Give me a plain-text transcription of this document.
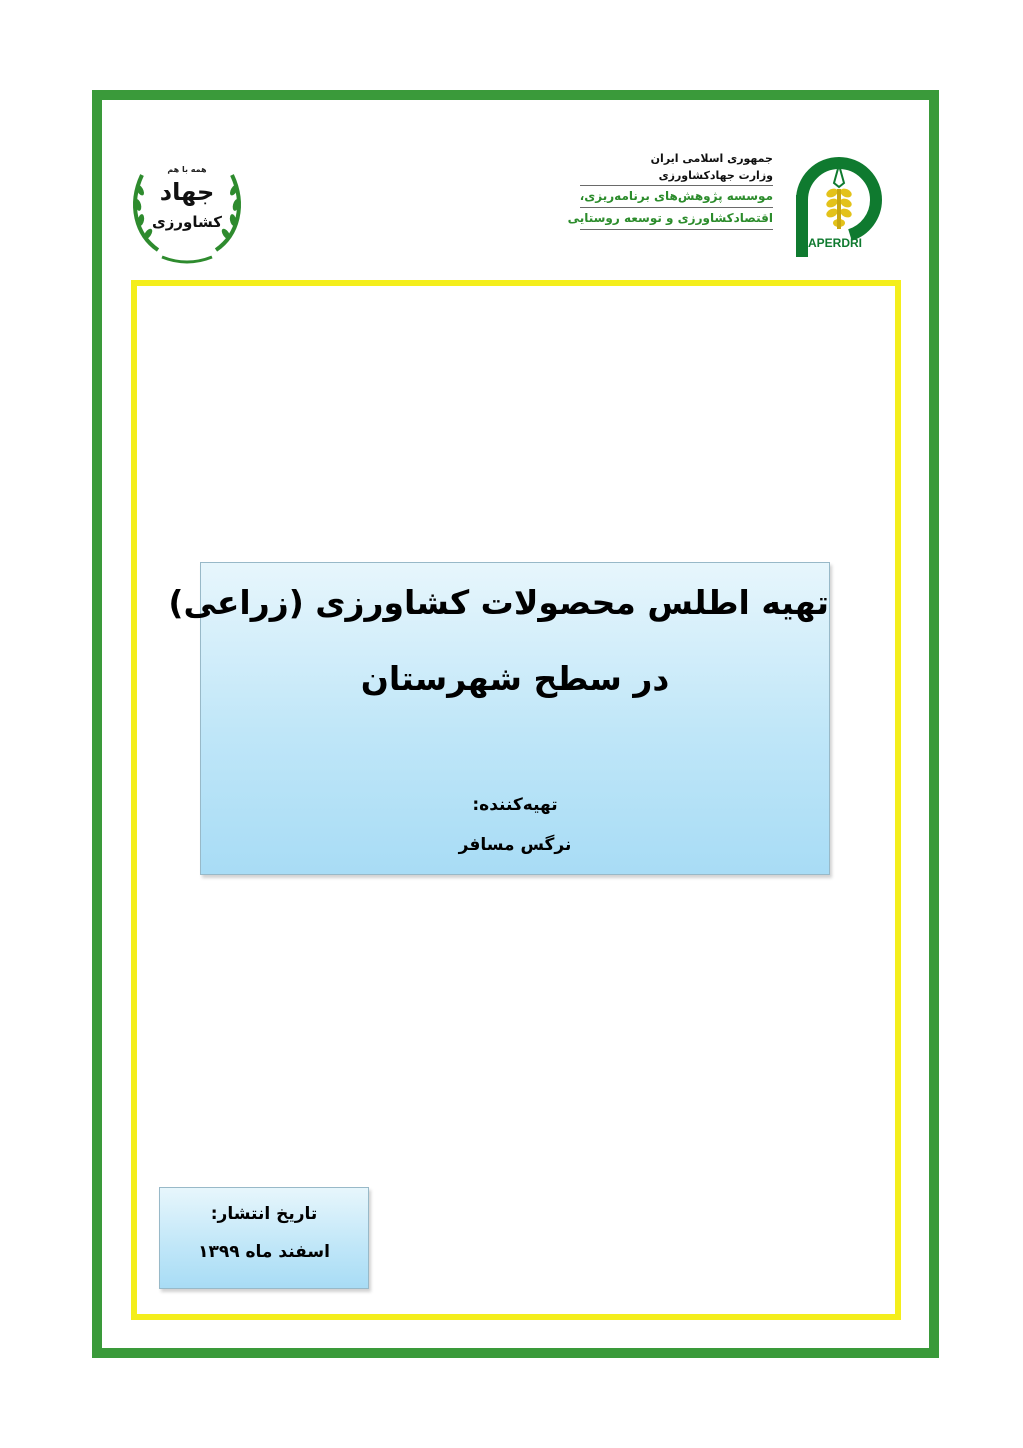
همه با هم
جهاد
کشاورزی
جمهوری اسلامی ایران
وزارت جهادکشاورزی
موسسه پژوهش‌های برنامه‌ریزی،
اقتصادکشاورزی و توسعه روستایی
APERDRI
تهیه اطلس محصولات کشاورزی (زراعی)
در سطح شهرستان
تهیه‌کننده:
نرگس مسافر
تاریخ انتشار:
اسفند ماه ۱۳۹۹
